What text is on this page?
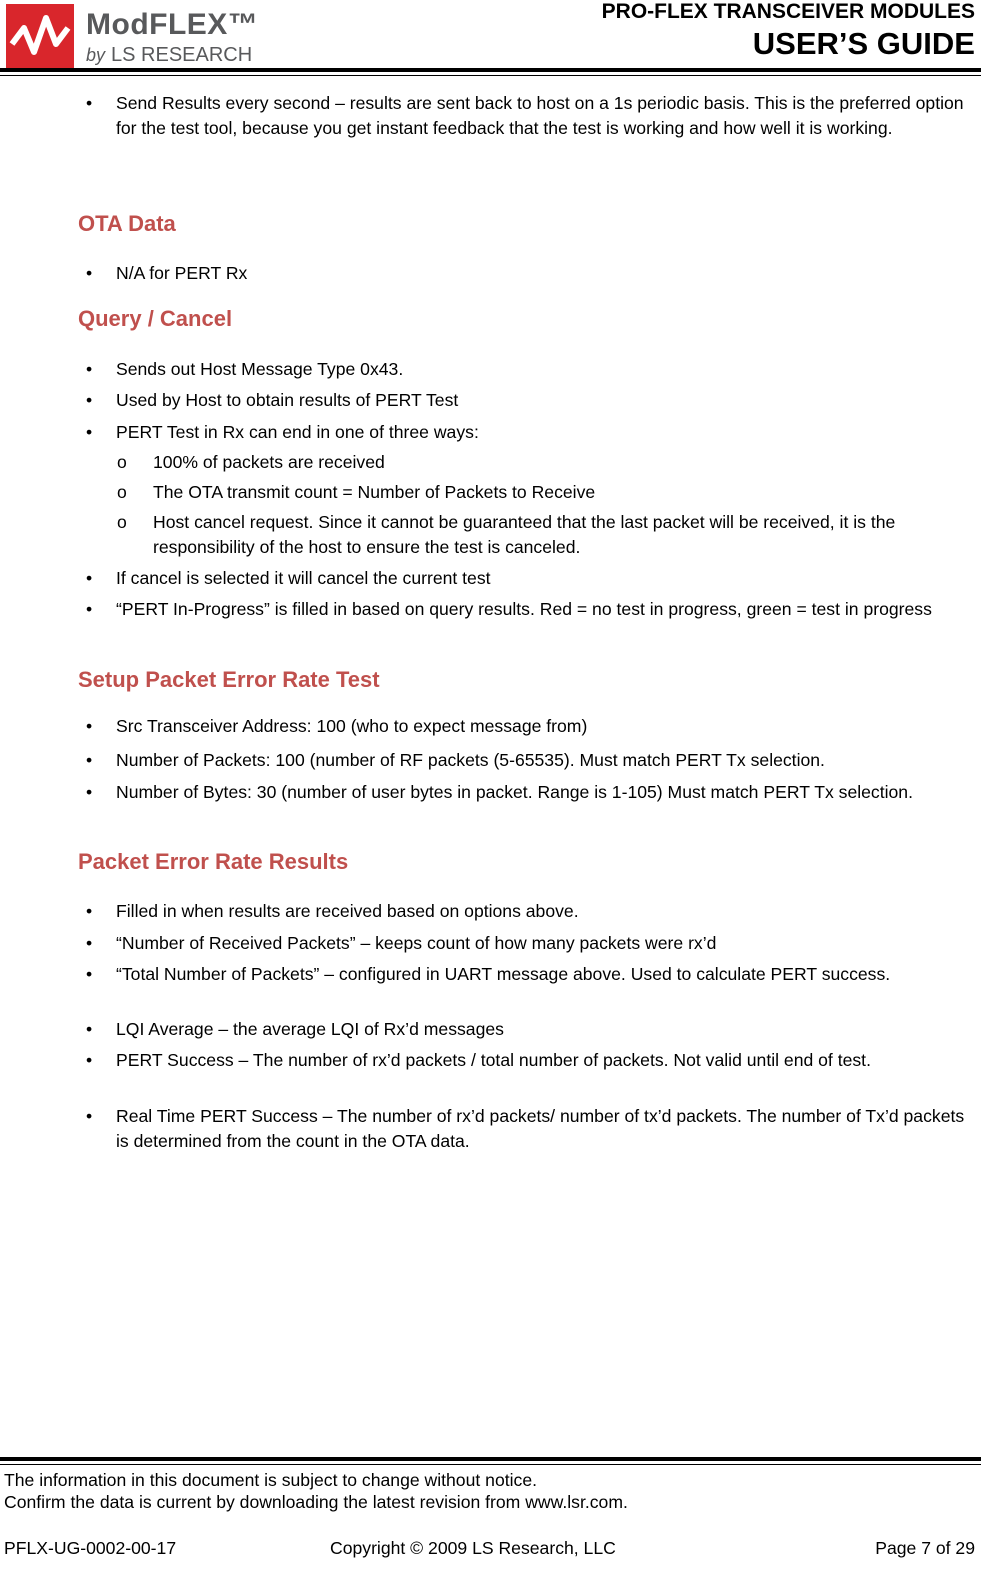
ModFLEX™
by LS RESEARCH
PRO-FLEX TRANSCEIVER MODULES
USER’S GUIDE

• Send Results every second – results are sent back to host on a 1s periodic basis. This is the preferred option for the test tool, because you get instant feedback that the test is working and how well it is working.

OTA Data

• N/A for PERT Rx

Query / Cancel

• Sends out Host Message Type 0x43.

• Used by Host to obtain results of PERT Test

• PERT Test in Rx can end in one of three ways:

o 100% of packets are received

o The OTA transmit count = Number of Packets to Receive

o Host cancel request. Since it cannot be guaranteed that the last packet will be received, it is the responsibility of the host to ensure the test is canceled.

• If cancel is selected it will cancel the current test

• “PERT In-Progress” is filled in based on query results. Red = no test in progress, green = test in progress

Setup Packet Error Rate Test

• Src Transceiver Address: 100 (who to expect message from)

• Number of Packets: 100 (number of RF packets (5-65535). Must match PERT Tx selection.

• Number of Bytes: 30 (number of user bytes in packet. Range is 1-105) Must match PERT Tx selection.

Packet Error Rate Results

• Filled in when results are received based on options above.

• “Number of Received Packets” – keeps count of how many packets were rx’d

• “Total Number of Packets” – configured in UART message above. Used to calculate PERT success.

• LQI Average – the average LQI of Rx’d messages

• PERT Success – The number of rx’d packets / total number of packets. Not valid until end of test.

• Real Time PERT Success – The number of rx’d packets/ number of tx’d packets. The number of Tx’d packets is determined from the count in the OTA data.

The information in this document is subject to change without notice.
Confirm the data is current by downloading the latest revision from www.lsr.com.
PFLX-UG-0002-00-17	Copyright © 2009 LS Research, LLC	Page 7 of 29
